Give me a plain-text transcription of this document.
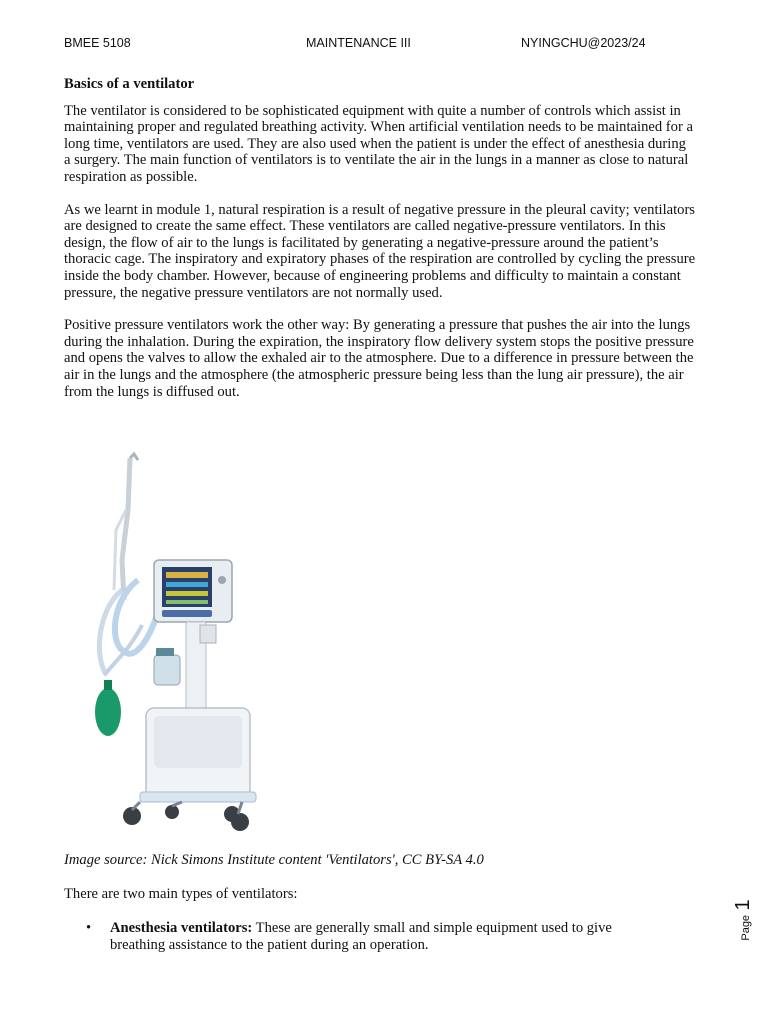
BMEE 5108	MAINTENANCE III	NYINGCHU@2023/24
Basics of a ventilator

The ventilator is considered to be sophisticated equipment with quite a number of controls which assist in maintaining proper and regulated breathing activity. When artificial ventilation needs to be maintained for a long time, ventilators are used. They are also used when the patient is under the effect of anesthesia during a surgery. The main function of ventilators is to ventilate the air in the lungs in a manner as close to natural respiration as possible.

As we learnt in module 1, natural respiration is a result of negative pressure in the pleural cavity; ventilators are designed to create the same effect. These ventilators are called negative-pressure ventilators. In this design, the flow of air to the lungs is facilitated by generating a negative-pressure around the patient’s thoracic cage. The inspiratory and expiratory phases of the respiration are controlled by cycling the pressure inside the body chamber. However, because of engineering problems and difficulty to maintain a constant pressure, the negative pressure ventilators are not normally used.

Positive pressure ventilators work the other way: By generating a pressure that pushes the air into the lungs during the inhalation. During the expiration, the inspiratory flow delivery system stops the positive pressure and opens the valves to allow the exhaled air to the atmosphere. Due to a difference in pressure between the air in the lungs and the atmosphere (the atmospheric pressure being less than the lung air pressure), the air from the lungs is diffused out.

Image source: Nick Simons Institute content 'Ventilators', CC BY-SA 4.0
There are two main types of ventilators:
• Anesthesia ventilators: These are generally small and simple equipment used to give breathing assistance to the patient during an operation.
Page 1
